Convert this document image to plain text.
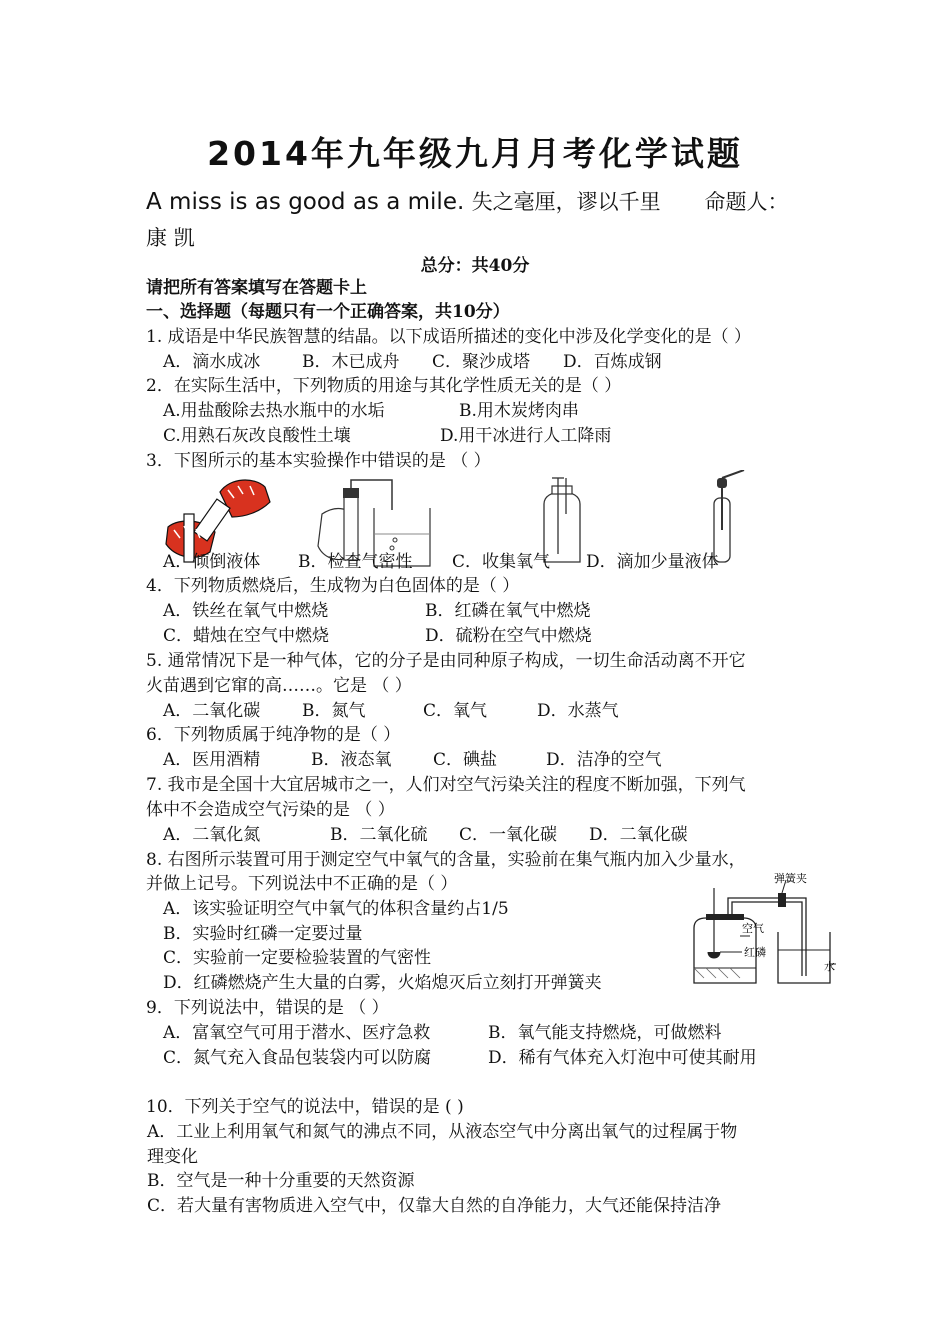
2014年九年级九月月考化学试题
A miss is as good as a mile. 失之毫厘，谬以千里 命题人：
康 凯
总分：共40分
请把所有答案填写在答题卡上
一、选择题（每题只有一个正确答案，共10分）
1. 成语是中华民族智慧的结晶。以下成语所描述的变化中涉及化学变化的是（ ）
A．滴水成冰 B．木已成舟 C．聚沙成塔 D．百炼成钢
2．在实际生活中，下列物质的用途与其化学性质无关的是（ ）
A.用盐酸除去热水瓶中的水垢	B.用木炭烤肉串
C.用熟石灰改良酸性土壤	D.用干冰进行人工降雨
3．下图所示的基本实验操作中错误的是 （ ）
A．倾倒液体 B．检查气密性 C．收集氧气 D．滴加少量液体
4．下列物质燃烧后，生成物为白色固体的是（ ）
A．铁丝在氧气中燃烧	B．红磷在氧气中燃烧
C．蜡烛在空气中燃烧	D．硫粉在空气中燃烧
5. 通常情况下是一种气体，它的分子是由同种原子构成，一切生命活动离不开它
火苗遇到它窜的高……。它是 （ ）
A．二氧化碳 B．氮气	C．氧气	D．水蒸气
6．下列物质属于纯净物的是（ ）
A．医用酒精	B．液态氧 C．碘盐	D．洁净的空气
7. 我市是全国十大宜居城市之一，人们对空气污染关注的程度不断加强，下列气
体中不会造成空气污染的是 （ ）
A．二氧化氮	B．二氧化硫 C．一氧化碳 D．二氧化碳
8. 右图所示装置可用于测定空气中氧气的含量，实验前在集气瓶内加入少量水，
并做上记号。下列说法中不正确的是（ ）
A．该实验证明空气中氧气的体积含量约占1/5
B．实验时红磷一定要过量
C．实验前一定要检验装置的气密性
D．红磷燃烧产生大量的白雾，火焰熄灭后立刻打开弹簧夹
弹簧夹
空气
红磷
水
9．下列说法中，错误的是 （ ）
A．富氧空气可用于潜水、医疗急救	B．氧气能支持燃烧，可做燃料
C．氮气充入食品包装袋内可以防腐	D．稀有气体充入灯泡中可使其耐用
10．下列关于空气的说法中，错误的是 ( )
A．工业上利用氧气和氮气的沸点不同，从液态空气中分离出氧气的过程属于物
理变化
B．空气是一种十分重要的天然资源
C．若大量有害物质进入空气中，仅靠大自然的自净能力，大气还能保持洁净
